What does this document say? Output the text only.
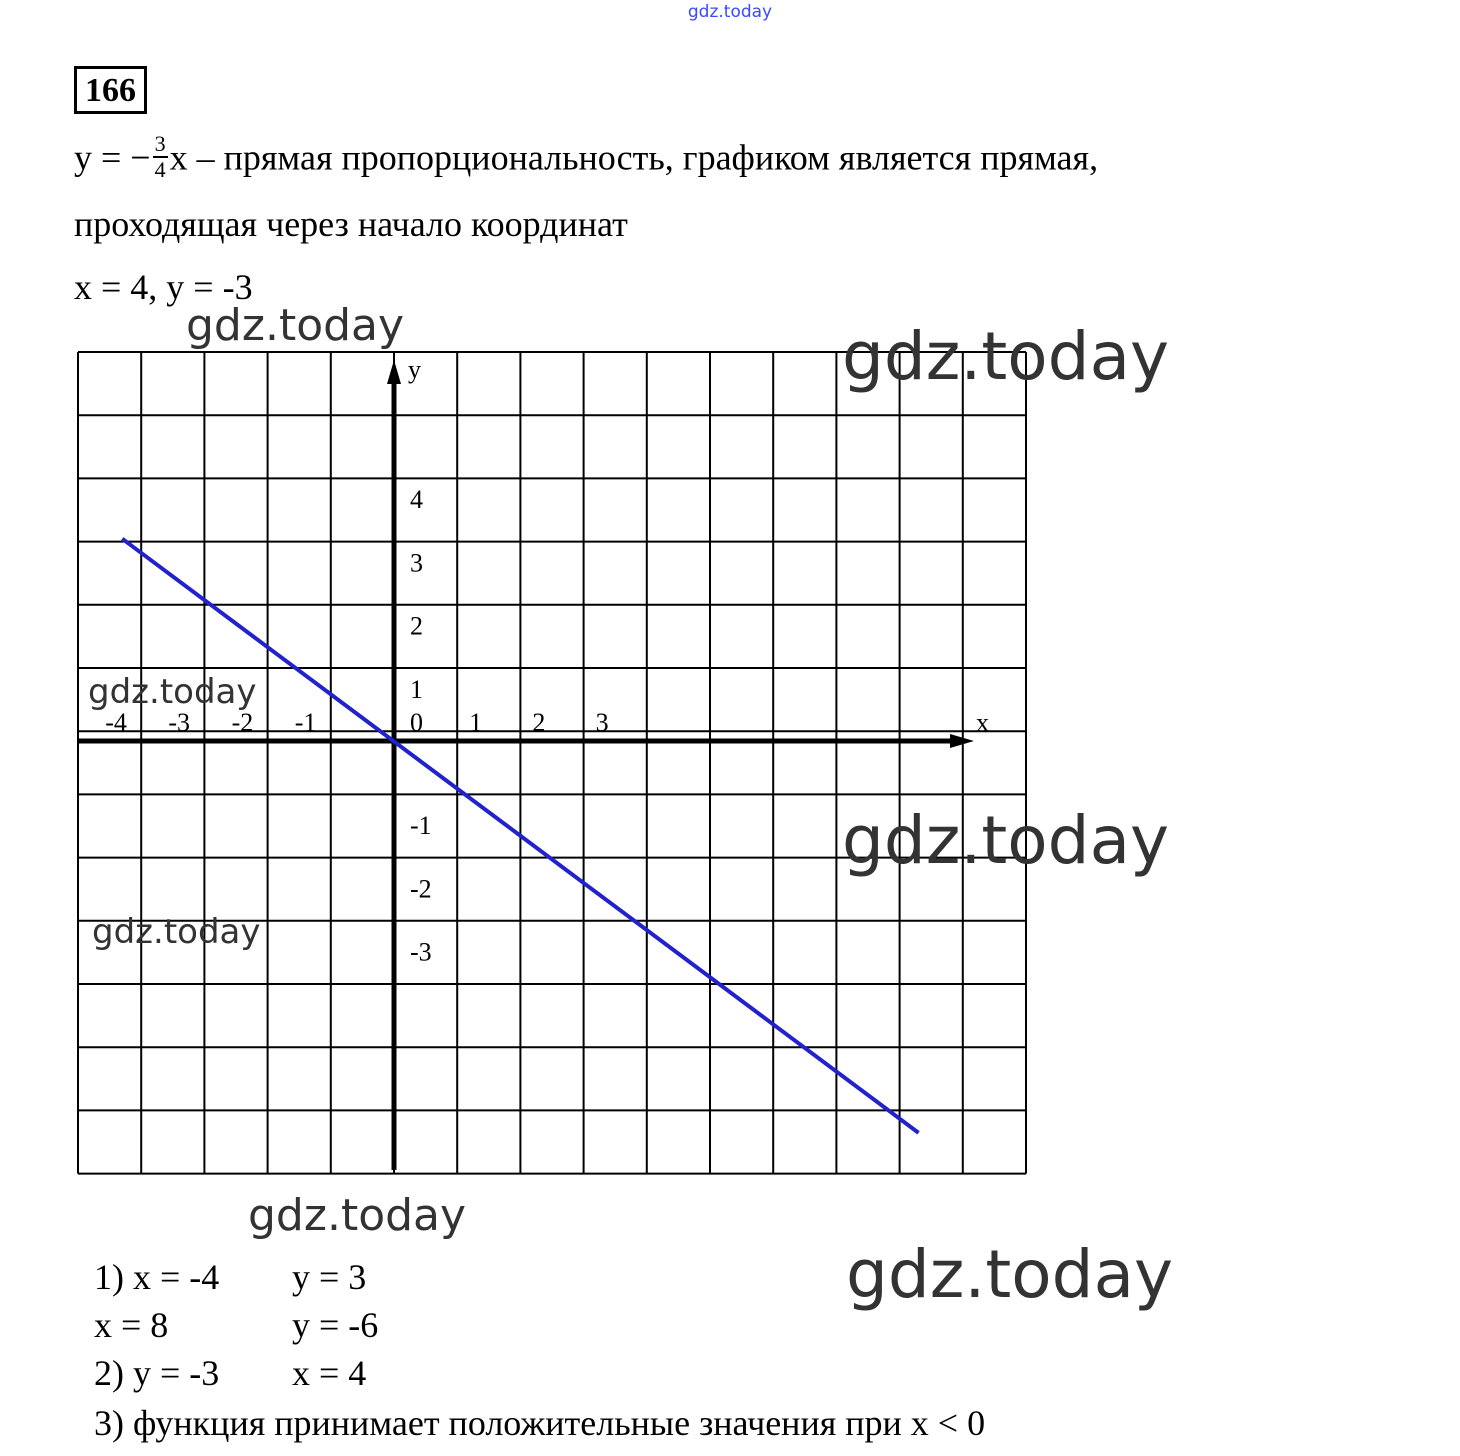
gdz.today
166
y = − $\frac{3}{4}$ x – прямая пропорциональность, графиком является прямая,
проходящая через начало координат
x = 4, y = -3
x
y
-4 -3 -2 -1	0 1 2 3
4
3
2
1
-1
-2
-3
gdz.today	gdz.today
gdz.today
gdz.today
gdz.today
gdz.today
gdz.today
1) x = -4 y = 3
x = 8	y = -6
2) y = -3 x = 4
3) функция принимает положительные значения при x < 0
